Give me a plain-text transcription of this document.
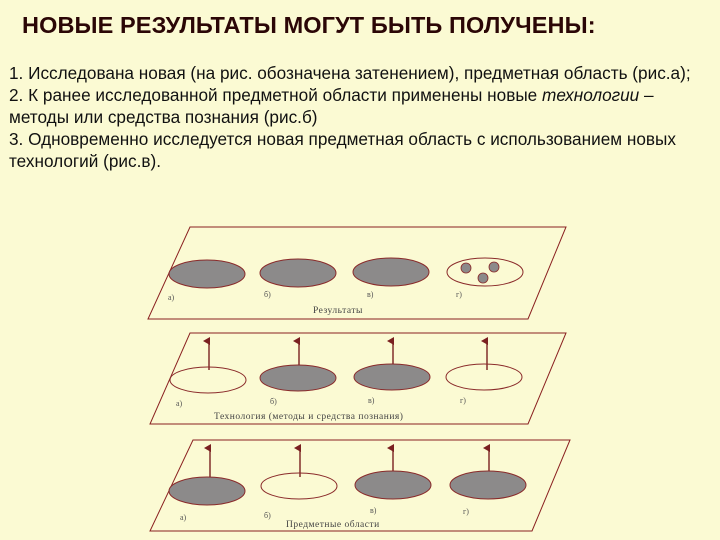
НОВЫЕ РЕЗУЛЬТАТЫ МОГУТ БЫТЬ ПОЛУЧЕНЫ:

1. Исследована новая (на рис. обозначена затенением), предметная область (рис.а);

2. К ранее исследованной предметной области применены новые технологии – методы или средства познания (рис.б)

3. Одновременно исследуется новая предметная область с использованием новых технологий (рис.в).

а)	б)	в)	г)
Результаты
а)	б)	в)	г)
Технология (методы и средства познания)
а)	б)
в)	г)
Предметные области
